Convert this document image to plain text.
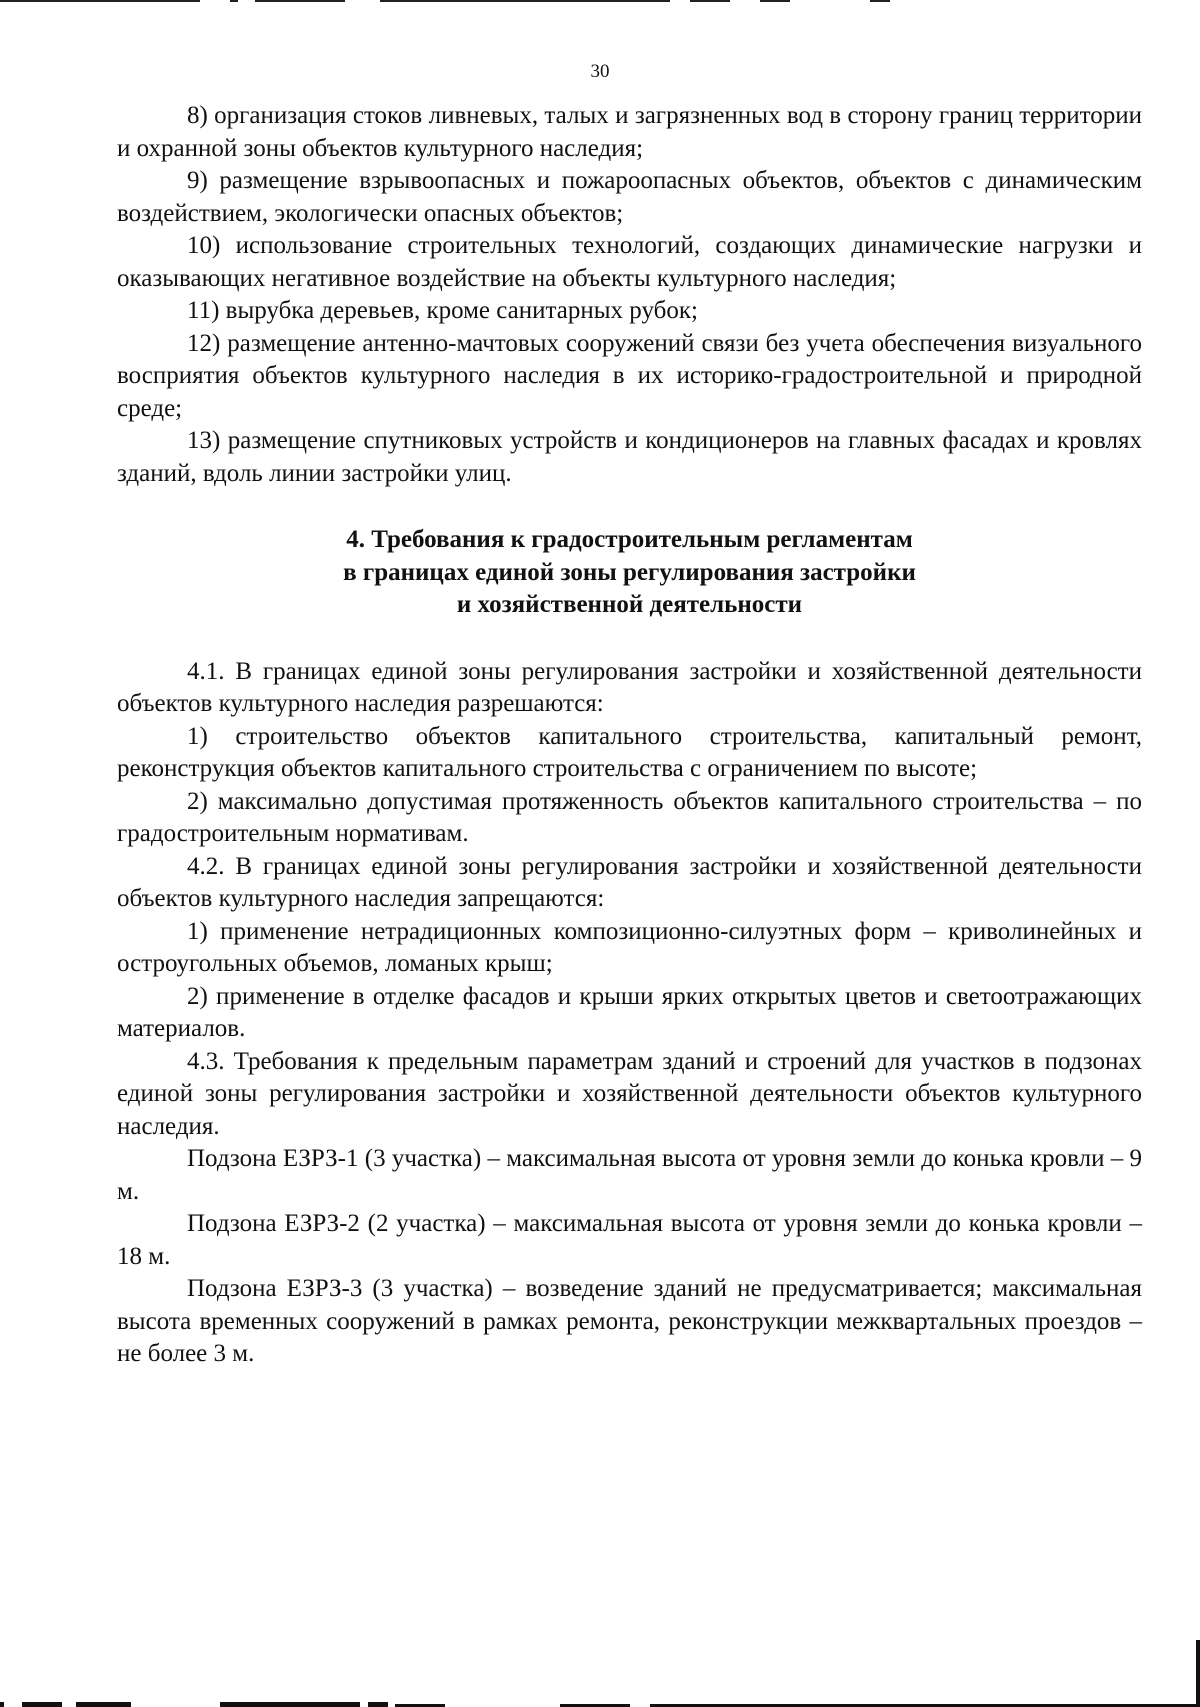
30

8) организация стоков ливневых, талых и загрязненных вод в сторону границ территории и охранной зоны объектов культурного наследия;

9) размещение взрывоопасных и пожароопасных объектов, объектов с динамическим воздействием, экологически опасных объектов;

10) использование строительных технологий, создающих динамические нагрузки и оказывающих негативное воздействие на объекты культурного наследия;

11) вырубка деревьев, кроме санитарных рубок;

12) размещение антенно-мачтовых сооружений связи без учета обеспечения визуального восприятия объектов культурного наследия в их историко-градостроительной и природной среде;

13) размещение спутниковых устройств и кондиционеров на главных фасадах и кровлях зданий, вдоль линии застройки улиц.

4. Требования к градостроительным регламентам
в границах единой зоны регулирования застройки
и хозяйственной деятельности

4.1. В границах единой зоны регулирования застройки и хозяйственной деятельности объектов культурного наследия разрешаются:

1) строительство объектов капитального строительства, капитальный ремонт, реконструкция объектов капитального строительства с ограничением по высоте;

2) максимально допустимая протяженность объектов капитального строительства – по градостроительным нормативам.

4.2. В границах единой зоны регулирования застройки и хозяйственной деятельности объектов культурного наследия запрещаются:

1) применение нетрадиционных композиционно-силуэтных форм – криволинейных и остроугольных объемов, ломаных крыш;

2) применение в отделке фасадов и крыши ярких открытых цветов и светоотражающих материалов.

4.3. Требования к предельным параметрам зданий и строений для участков в подзонах единой зоны регулирования застройки и хозяйственной деятельности объектов культурного наследия.

Подзона ЕЗРЗ-1 (3 участка) – максимальная высота от уровня земли до конька кровли – 9 м.

Подзона ЕЗРЗ-2 (2 участка) – максимальная высота от уровня земли до конька кровли – 18 м.

Подзона ЕЗРЗ-3 (3 участка) – возведение зданий не предусматривается; максимальная высота временных сооружений в рамках ремонта, реконструкции межквартальных проездов – не более 3 м.
